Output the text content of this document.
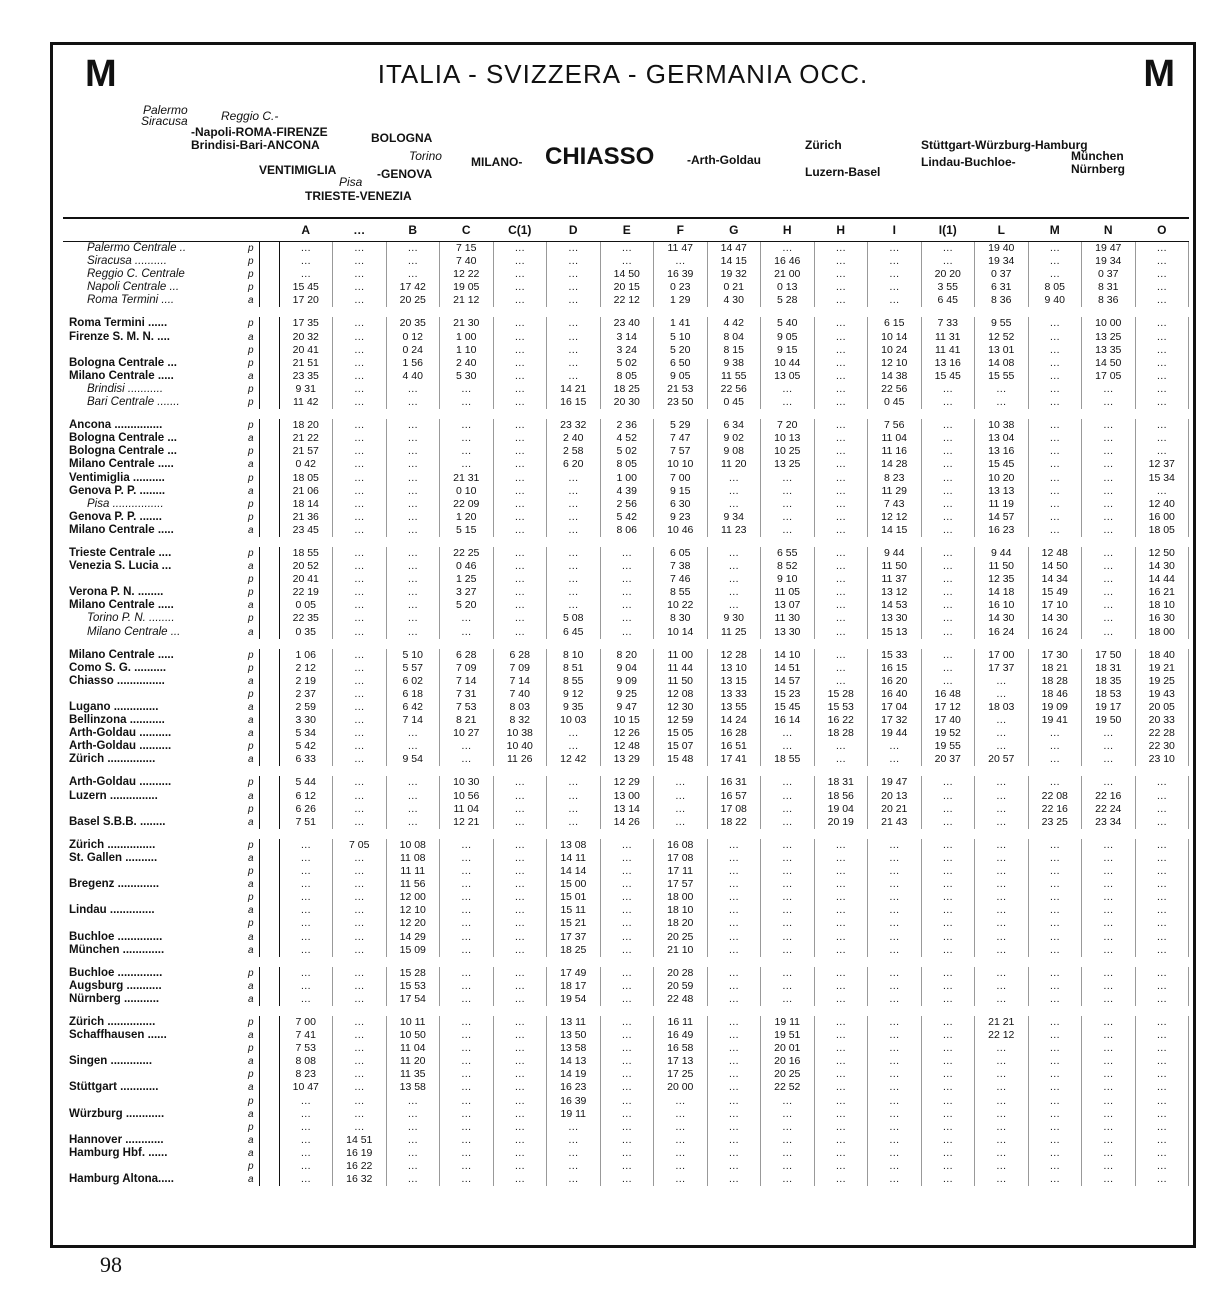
M	M
ITALIA - SVIZZERA - GERMANIA OCC.
Palermo
Siracusa	Reggio C.-
-Napoli-ROMA-FIRENZE
Brindisi-Bari-ANCONA	BOLOGNA
Torino
VENTIMIGLIA	-GENOVA
Pisa
TRIESTE-VENEZIA
MILANO- CHIASSO	-Arth-Goldau
Zürich
Luzern-Basel
Stüttgart-Würzburg-Hamburg
Lindau-Buchloe-	München
Nürnberg
			A	…	B	C	C(1)	D	E	F	G	H	H	I	I(1)	L	M	N	O
Palermo Centrale ..	p		…	…	…	7 15	…	…	…	11 47	14 47	…	…	…	…	19 40	…	19 47	…
Siracusa ..........	p		…	…	…	7 40	…	…	…	…	14 15	16 46	…	…	…	19 34	…	19 34	…
Reggio C. Centrale	p		…	…	…	12 22	…	…	14 50	16 39	19 32	21 00	…	…	20 20	0 37	…	0 37	…
Napoli Centrale ...	p		15 45	…	17 42	19 05	…	…	20 15	0 23	0 21	0 13	…	…	3 55	6 31	8 05	8 31	…
Roma Termini ....	a		17 20	…	20 25	21 12	…	…	22 12	1 29	4 30	5 28	…	…	6 45	8 36	9 40	8 36	…

Roma Termini ......	p		17 35	…	20 35	21 30	…	…	23 40	1 41	4 42	5 40	…	6 15	7 33	9 55	…	10 00	…
Firenze S. M. N. ....	a		20 32	…	0 12	1 00	…	…	3 14	5 10	8 04	9 05	…	10 14	11 31	12 52	…	13 25	…
	p		20 41	…	0 24	1 10	…	…	3 24	5 20	8 15	9 15	…	10 24	11 41	13 01	…	13 35	…
Bologna Centrale ...	p		21 51	…	1 56	2 40	…	…	5 02	6 50	9 38	10 44	…	12 10	13 16	14 08	…	14 50	…
Milano Centrale .....	a		23 35	…	4 40	5 30	…	…	8 05	9 05	11 55	13 05	…	14 38	15 45	15 55	…	17 05	…
Brindisi ...........	p		9 31	…	…	…	…	14 21	18 25	21 53	22 56	…	…	22 56	…	…	…	…	…
Bari Centrale .......	p		11 42	…	…	…	…	16 15	20 30	23 50	0 45	…	…	0 45	…	…	…	…	…

Ancona ...............	p		18 20	…	…	…	…	23 32	2 36	5 29	6 34	7 20	…	7 56	…	10 38	…	…	…
Bologna Centrale ...	a		21 22	…	…	…	…	2 40	4 52	7 47	9 02	10 13	…	11 04	…	13 04	…	…	…
Bologna Centrale ...	p		21 57	…	…	…	…	2 58	5 02	7 57	9 08	10 25	…	11 16	…	13 16	…	…	…
Milano Centrale .....	a		0 42	…	…	…	…	6 20	8 05	10 10	11 20	13 25	…	14 28	…	15 45	…	…	12 37
Ventimiglia ..........	p		18 05	…	…	21 31	…	…	1 00	7 00	…	…	…	8 23	…	10 20	…	…	15 34
Genova P. P. ........	a		21 06	…	…	0 10	…	…	4 39	9 15	…	…	…	11 29	…	13 13	…	…	…
Pisa ................	p		18 14	…	…	22 09	…	…	2 56	6 30	…	…	…	7 43	…	11 19	…	…	12 40
Genova P. P. .......	p		21 36	…	…	1 20	…	…	5 42	9 23	9 34	…	…	12 12	…	14 57	…	…	16 00
Milano Centrale .....	a		23 45	…	…	5 15	…	…	8 06	10 46	11 23	…	…	14 15	…	16 23	…	…	18 05

Trieste Centrale ....	p		18 55	…	…	22 25	…	…	…	6 05	…	6 55	…	9 44	…	9 44	12 48	…	12 50
Venezia S. Lucia ...	a		20 52	…	…	0 46	…	…	…	7 38	…	8 52	…	11 50	…	11 50	14 50	…	14 30
	p		20 41	…	…	1 25	…	…	…	7 46	…	9 10	…	11 37	…	12 35	14 34	…	14 44
Verona P. N. ........	p		22 19	…	…	3 27	…	…	…	8 55	…	11 05	…	13 12	…	14 18	15 49	…	16 21
Milano Centrale .....	a		0 05	…	…	5 20	…	…	…	10 22	…	13 07	…	14 53	…	16 10	17 10	…	18 10
Torino P. N. ........	p		22 35	…	…	…	…	5 08	…	8 30	9 30	11 30	…	13 30	…	14 30	14 30	…	16 30
Milano Centrale ...	a		0 35	…	…	…	…	6 45	…	10 14	11 25	13 30	…	15 13	…	16 24	16 24	…	18 00

Milano Centrale .....	p		1 06	…	5 10	6 28	6 28	8 10	8 20	11 00	12 28	14 10	…	15 33	…	17 00	17 30	17 50	18 40
Como S. G. ..........	p		2 12	…	5 57	7 09	7 09	8 51	9 04	11 44	13 10	14 51	…	16 15	…	17 37	18 21	18 31	19 21
Chiasso ...............	a		2 19	…	6 02	7 14	7 14	8 55	9 09	11 50	13 15	14 57	…	16 20	…	…	18 28	18 35	19 25
	p		2 37	…	6 18	7 31	7 40	9 12	9 25	12 08	13 33	15 23	15 28	16 40	16 48	…	18 46	18 53	19 43
Lugano ..............	a		2 59	…	6 42	7 53	8 03	9 35	9 47	12 30	13 55	15 45	15 53	17 04	17 12	18 03	19 09	19 17	20 05
Bellinzona ...........	a		3 30	…	7 14	8 21	8 32	10 03	10 15	12 59	14 24	16 14	16 22	17 32	17 40	…	19 41	19 50	20 33
Arth-Goldau ..........	a		5 34	…	…	10 27	10 38	…	12 26	15 05	16 28	…	18 28	19 44	19 52	…	…	…	22 28
Arth-Goldau ..........	p		5 42	…	…	…	10 40	…	12 48	15 07	16 51	…	…	…	19 55	…	…	…	22 30
Zürich ...............	a		6 33	…	9 54	…	11 26	12 42	13 29	15 48	17 41	18 55	…	…	20 37	20 57	…	…	23 10

Arth-Goldau ..........	p		5 44	…	…	10 30	…	…	12 29	…	16 31	…	18 31	19 47	…	…	…	…	…
Luzern ...............	a		6 12	…	…	10 56	…	…	13 00	…	16 57	…	18 56	20 13	…	…	22 08	22 16	…
	p		6 26	…	…	11 04	…	…	13 14	…	17 08	…	19 04	20 21	…	…	22 16	22 24	…
Basel S.B.B. ........	a		7 51	…	…	12 21	…	…	14 26	…	18 22	…	20 19	21 43	…	…	23 25	23 34	…

Zürich ...............	p		…	7 05	10 08	…	…	13 08	…	16 08	…	…	…	…	…	…	…	…	…
St. Gallen ..........	a		…	…	11 08	…	…	14 11	…	17 08	…	…	…	…	…	…	…	…	…
	p		…	…	11 11	…	…	14 14	…	17 11	…	…	…	…	…	…	…	…	…
Bregenz .............	a		…	…	11 56	…	…	15 00	…	17 57	…	…	…	…	…	…	…	…	…
	p		…	…	12 00	…	…	15 01	…	18 00	…	…	…	…	…	…	…	…	…
Lindau ..............	a		…	…	12 10	…	…	15 11	…	18 10	…	…	…	…	…	…	…	…	…
	p		…	…	12 20	…	…	15 21	…	18 20	…	…	…	…	…	…	…	…	…
Buchloe ..............	a		…	…	14 29	…	…	17 37	…	20 25	…	…	…	…	…	…	…	…	…
München .............	a		…	…	15 09	…	…	18 25	…	21 10	…	…	…	…	…	…	…	…	…

Buchloe ..............	p		…	…	15 28	…	…	17 49	…	20 28	…	…	…	…	…	…	…	…	…
Augsburg ...........	a		…	…	15 53	…	…	18 17	…	20 59	…	…	…	…	…	…	…	…	…
Nürnberg ...........	a		…	…	17 54	…	…	19 54	…	22 48	…	…	…	…	…	…	…	…	…

Zürich ...............	p		7 00	…	10 11	…	…	13 11	…	16 11	…	19 11	…	…	…	21 21	…	…	…
Schaffhausen ......	a		7 41	…	10 50	…	…	13 50	…	16 49	…	19 51	…	…	…	22 12	…	…	…
	p		7 53	…	11 04	…	…	13 58	…	16 58	…	20 01	…	…	…	…	…	…	…
Singen .............	a		8 08	…	11 20	…	…	14 13	…	17 13	…	20 16	…	…	…	…	…	…	…
	p		8 23	…	11 35	…	…	14 19	…	17 25	…	20 25	…	…	…	…	…	…	…
Stüttgart ............	a		10 47	…	13 58	…	…	16 23	…	20 00	…	22 52	…	…	…	…	…	…	…
	p		…	…	…	…	…	16 39	…	…	…	…	…	…	…	…	…	…	…
Würzburg ............	a		…	…	…	…	…	19 11	…	…	…	…	…	…	…	…	…	…	…
	p		…	…	…	…	…	…	…	…	…	…	…	…	…	…	…	…	…
Hannover ............	a		…	14 51	…	…	…	…	…	…	…	…	…	…	…	…	…	…	…
Hamburg Hbf. ......	a		…	16 19	…	…	…	…	…	…	…	…	…	…	…	…	…	…	…
	p		…	16 22	…	…	…	…	…	…	…	…	…	…	…	…	…	…	…
Hamburg Altona.....	a		…	16 32	…	…	…	…	…	…	…	…	…	…	…	…	…	…	…
98
